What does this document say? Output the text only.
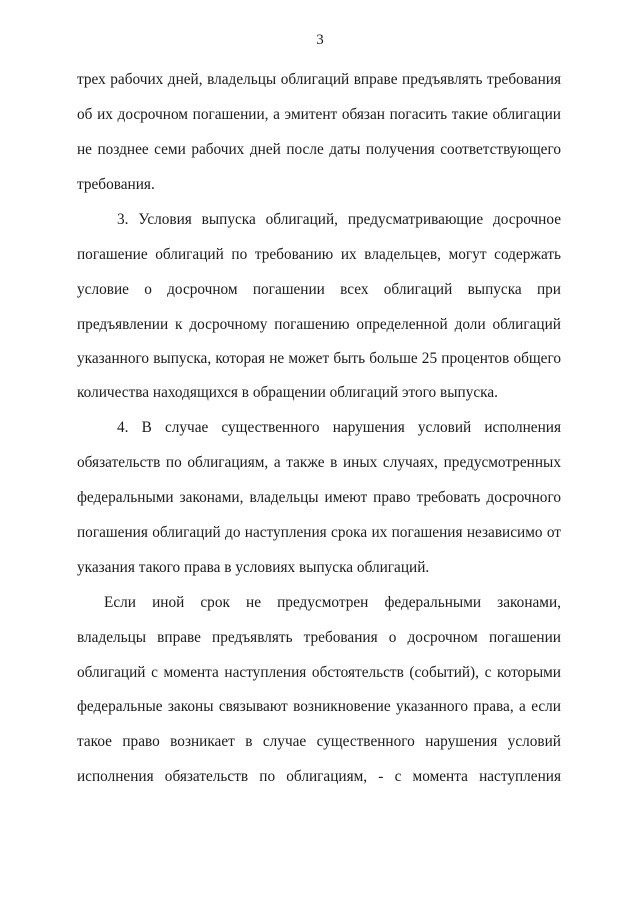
3
трех рабочих дней, владельцы облигаций вправе предъявлять требования
об их досрочном погашении, а эмитент обязан погасить такие облигации
не позднее семи рабочих дней после даты получения соответствующего
требования.
3. Условия выпуска облигаций, предусматривающие досрочное
погашение облигаций по требованию их владельцев, могут содержать
условие о досрочном погашении всех облигаций выпуска при
предъявлении к досрочному погашению определенной доли облигаций
указанного выпуска, которая не может быть больше 25 процентов общего
количества находящихся в обращении облигаций этого выпуска.
4. В случае существенного нарушения условий исполнения
обязательств по облигациям, а также в иных случаях, предусмотренных
федеральными законами, владельцы имеют право требовать досрочного
погашения облигаций до наступления срока их погашения независимо от
указания такого права в условиях выпуска облигаций.
Если иной срок не предусмотрен федеральными законами,
владельцы вправе предъявлять требования о досрочном погашении
облигаций с момента наступления обстоятельств (событий), с которыми
федеральные законы связывают возникновение указанного права, а если
такое право возникает в случае существенного нарушения условий
исполнения обязательств по облигациям, - с момента наступления
